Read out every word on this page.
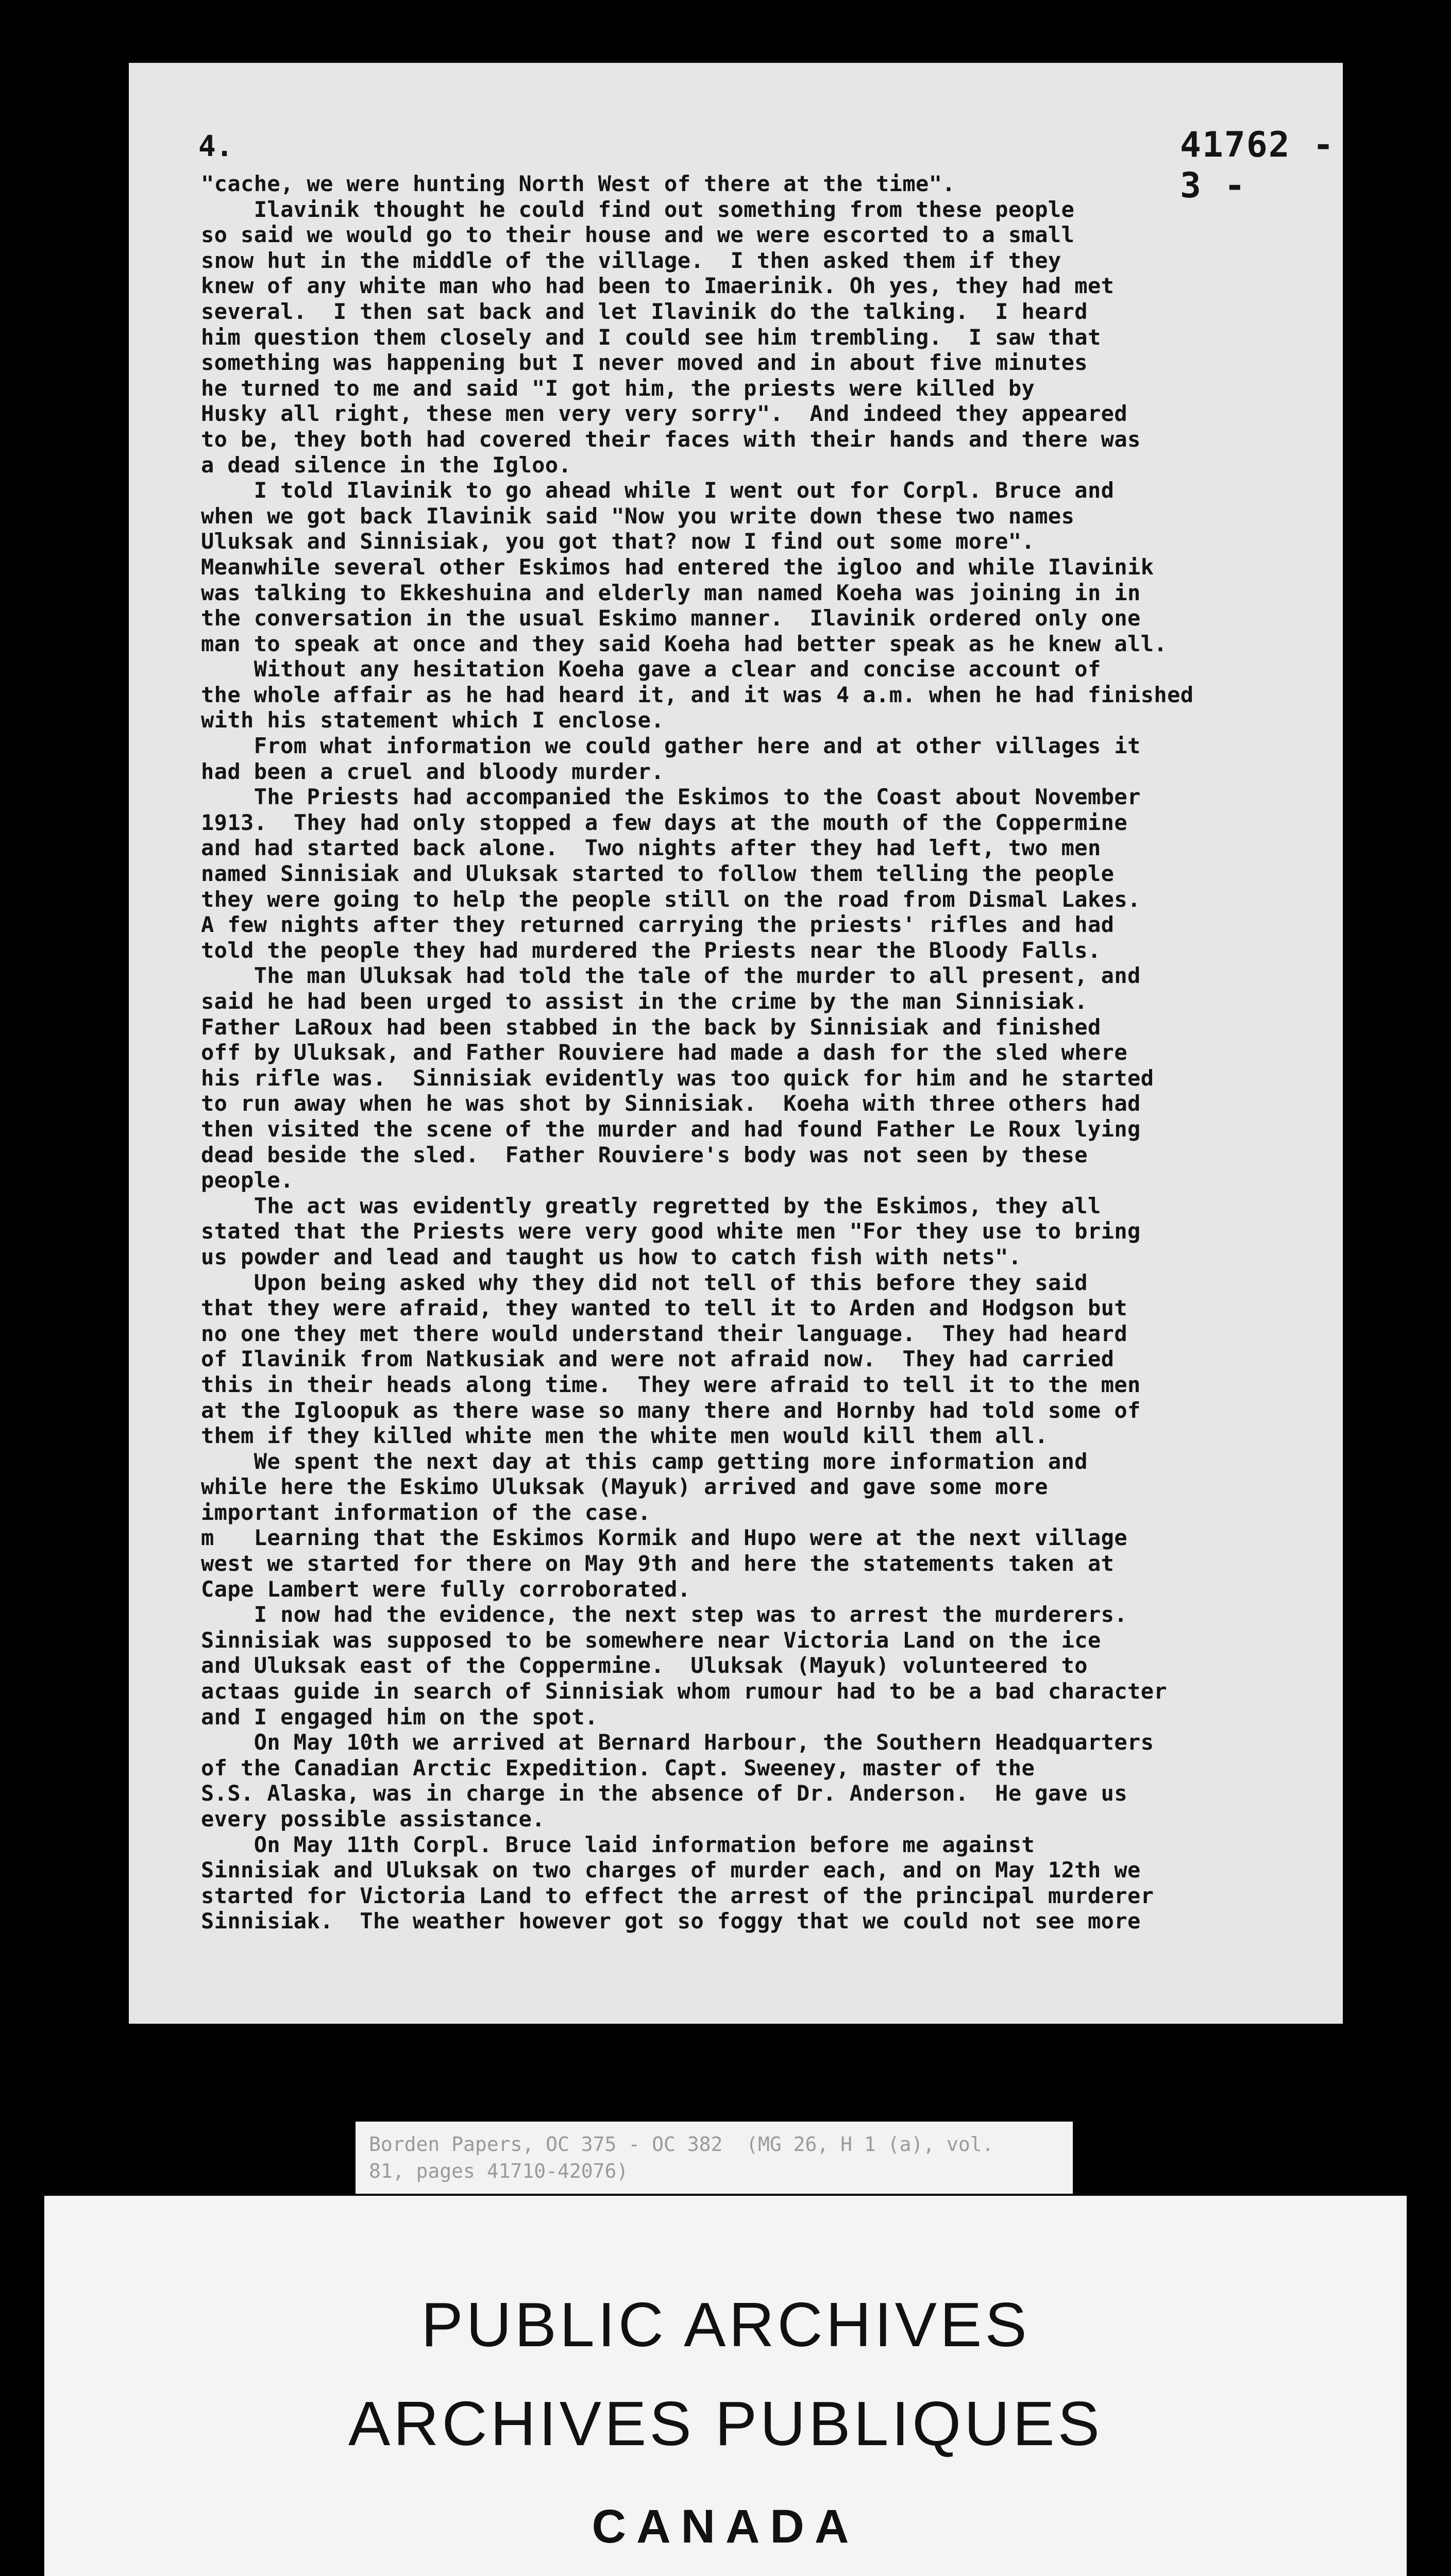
4.	41762 - 3 -
"cache, we were hunting North West of there at the time".
Ilavinik thought he could find out something from these people
so said we would go to their house and we were escorted to a small
snow hut in the middle of the village.  I then asked them if they
knew of any white man who had been to Imaerinik. Oh yes, they had met
several.  I then sat back and let Ilavinik do the talking.  I heard
him question them closely and I could see him trembling.  I saw that
something was happening but I never moved and in about five minutes
he turned to me and said "I got him, the priests were killed by
Husky all right, these men very very sorry".  And indeed they appeared
to be, they both had covered their faces with their hands and there was
a dead silence in the Igloo.
I told Ilavinik to go ahead while I went out for Corpl. Bruce and
when we got back Ilavinik said "Now you write down these two names
Uluksak and Sinnisiak, you got that? now I find out some more".
Meanwhile several other Eskimos had entered the igloo and while Ilavinik
was talking to Ekkeshuina and elderly man named Koeha was joining in in
the conversation in the usual Eskimo manner.  Ilavinik ordered only one
man to speak at once and they said Koeha had better speak as he knew all.
Without any hesitation Koeha gave a clear and concise account of
the whole affair as he had heard it, and it was 4 a.m. when he had finished
with his statement which I enclose.
From what information we could gather here and at other villages it
had been a cruel and bloody murder.
The Priests had accompanied the Eskimos to the Coast about November
1913.  They had only stopped a few days at the mouth of the Coppermine
and had started back alone.  Two nights after they had left, two men
named Sinnisiak and Uluksak started to follow them telling the people
they were going to help the people still on the road from Dismal Lakes.
A few nights after they returned carrying the priests' rifles and had
told the people they had murdered the Priests near the Bloody Falls.
The man Uluksak had told the tale of the murder to all present, and
said he had been urged to assist in the crime by the man Sinnisiak.
Father LaRoux had been stabbed in the back by Sinnisiak and finished
off by Uluksak, and Father Rouviere had made a dash for the sled where
his rifle was.  Sinnisiak evidently was too quick for him and he started
to run away when he was shot by Sinnisiak.  Koeha with three others had
then visited the scene of the murder and had found Father Le Roux lying
dead beside the sled.  Father Rouviere's body was not seen by these
people.
The act was evidently greatly regretted by the Eskimos, they all
stated that the Priests were very good white men "For they use to bring
us powder and lead and taught us how to catch fish with nets".
Upon being asked why they did not tell of this before they said
that they were afraid, they wanted to tell it to Arden and Hodgson but
no one they met there would understand their language.  They had heard
of Ilavinik from Natkusiak and were not afraid now.  They had carried
this in their heads along time.  They were afraid to tell it to the men
at the Igloopuk as there wase so many there and Hornby had told some of
them if they killed white men the white men would kill them all.
We spent the next day at this camp getting more information and
while here the Eskimo Uluksak (Mayuk) arrived and gave some more
important information of the case.
m   Learning that the Eskimos Kormik and Hupo were at the next village
west we started for there on May 9th and here the statements taken at
Cape Lambert were fully corroborated.
I now had the evidence, the next step was to arrest the murderers.
Sinnisiak was supposed to be somewhere near Victoria Land on the ice
and Uluksak east of the Coppermine.  Uluksak (Mayuk) volunteered to
actaas guide in search of Sinnisiak whom rumour had to be a bad character
and I engaged him on the spot.
On May 10th we arrived at Bernard Harbour, the Southern Headquarters
of the Canadian Arctic Expedition. Capt. Sweeney, master of the
S.S. Alaska, was in charge in the absence of Dr. Anderson.  He gave us
every possible assistance.
On May 11th Corpl. Bruce laid information before me against
Sinnisiak and Uluksak on two charges of murder each, and on May 12th we
started for Victoria Land to effect the arrest of the principal murderer
Sinnisiak.  The weather however got so foggy that we could not see more
Borden Papers, OC 375 - OC 382  (MG 26, H 1 (a), vol.
81, pages 41710-42076)
PUBLIC ARCHIVES
ARCHIVES PUBLIQUES
CANADA
